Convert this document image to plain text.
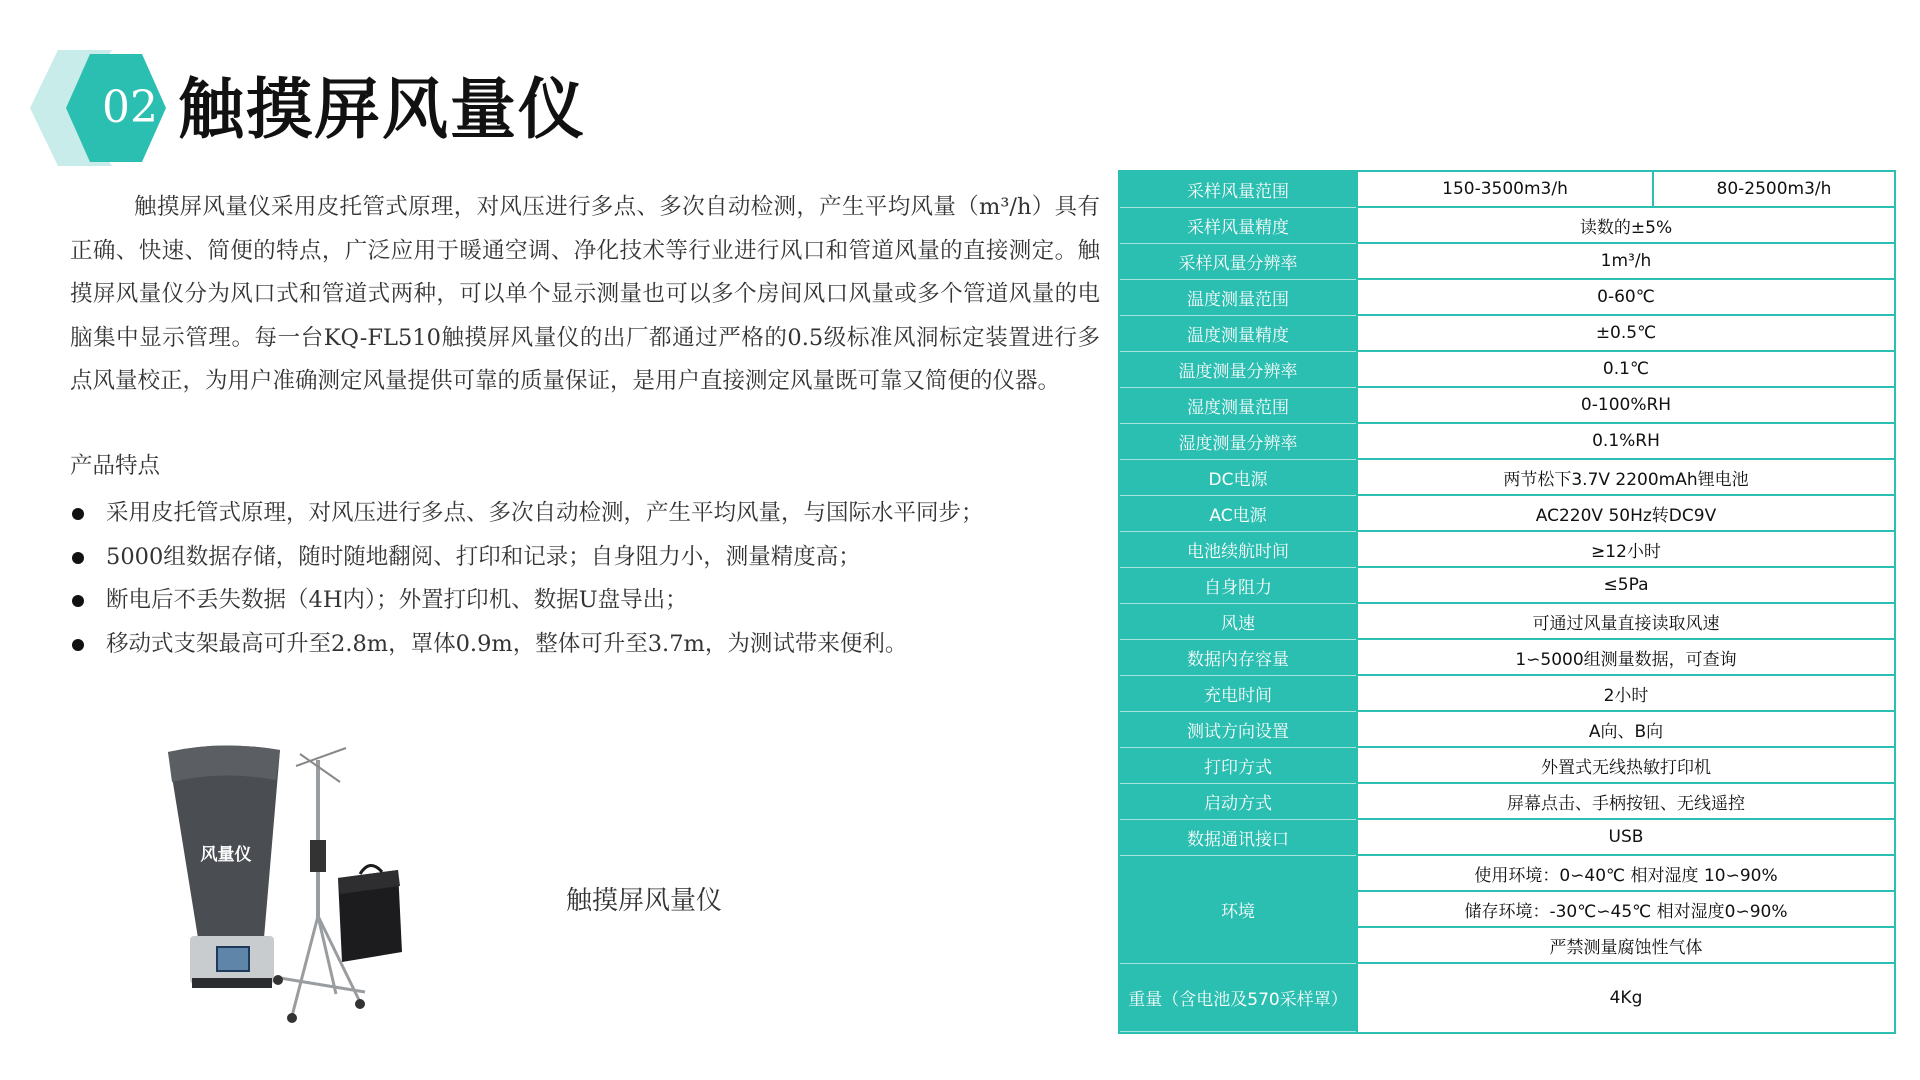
02 触摸屏风量仪
触摸屏风量仪采用皮托管式原理，对风压进行多点、多次自动检测，产生平均风量（m³/h）具有正确、快速、简便的特点，广泛应用于暖通空调、净化技术等行业进行风口和管道风量的直接测定。触摸屏风量仪分为风口式和管道式两种，可以单个显示测量也可以多个房间风口风量或多个管道风量的电脑集中显示管理。每一台KQ-FL510触摸屏风量仪的出厂都通过严格的0.5级标准风洞标定装置进行多点风量校正，为用户准确测定风量提供可靠的质量保证，是用户直接测定风量既可靠又简便的仪器。
产品特点
采用皮托管式原理，对风压进行多点、多次自动检测，产生平均风量，与国际水平同步；
5000组数据存储，随时随地翻阅、打印和记录；自身阻力小，测量精度高；
断电后不丢失数据（4H内）；外置打印机、数据U盘导出；
移动式支架最高可升至2.8m，罩体0.9m，整体可升至3.7m，为测试带来便利。
风量仪
触摸屏风量仪
采样风量范围	150-3500m3/h	80-2500m3/h
采样风量精度	读数的±5%
采样风量分辨率	1m³/h
温度测量范围	0-60℃
温度测量精度	±0.5℃
温度测量分辨率	0.1℃
湿度测量范围	0-100%RH
湿度测量分辨率	0.1%RH
DC电源	两节松下3.7V 2200mAh锂电池
AC电源	AC220V 50Hz转DC9V
电池续航时间	≥12小时
自身阻力	≤5Pa
风速	可通过风量直接读取风速
数据内存容量	1∽5000组测量数据，可查询
充电时间	2小时
测试方向设置	A向、B向
打印方式	外置式无线热敏打印机
启动方式	屏幕点击、手柄按钮、无线遥控
数据通讯接口	USB
环境
使用环境：0∽40℃ 相对湿度 10∽90%
储存环境：-30℃∽45℃ 相对湿度0∽90%
严禁测量腐蚀性气体
重量（含电池及570采样罩）	4Kg
